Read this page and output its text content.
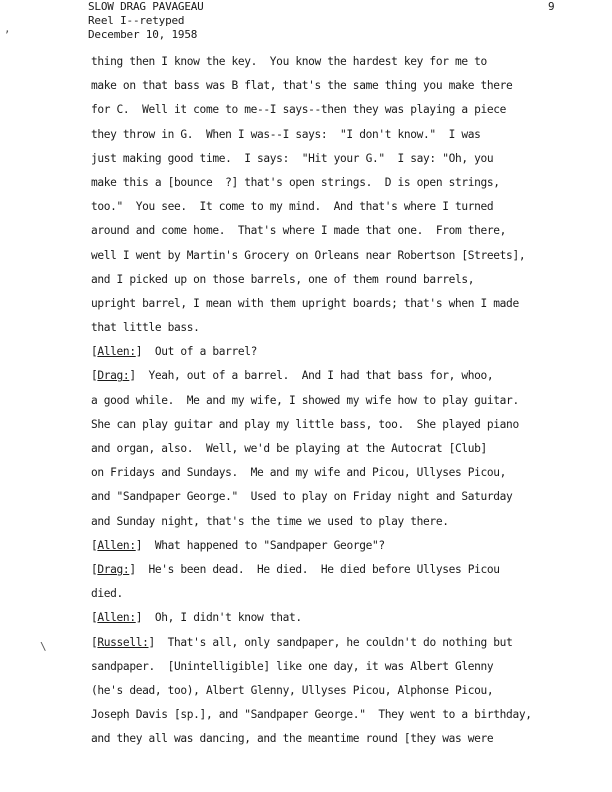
SLOW DRAG PAVAGEAU
Reel I--retyped
December 10, 1958
9
,
\
thing then I know the key.  You know the hardest key for me to
make on that bass was B flat, that's the same thing you make there
for C.  Well it come to me--I says--then they was playing a piece
they throw in G.  When I was--I says:  "I don't know."  I was
just making good time.  I says:  "Hit your G."  I say: "Oh, you
make this a [bounce  ?] that's open strings.  D is open strings,
too."  You see.  It come to my mind.  And that's where I turned
around and come home.  That's where I made that one.  From there,
well I went by Martin's Grocery on Orleans near Robertson [Streets],
and I picked up on those barrels, one of them round barrels,
upright barrel, I mean with them upright boards; that's when I made
that little bass.
[Allen:]  Out of a barrel?
[Drag:]  Yeah, out of a barrel.  And I had that bass for, whoo,
a good while.  Me and my wife, I showed my wife how to play guitar.
She can play guitar and play my little bass, too.  She played piano
and organ, also.  Well, we'd be playing at the Autocrat [Club]
on Fridays and Sundays.  Me and my wife and Picou, Ullyses Picou,
and "Sandpaper George."  Used to play on Friday night and Saturday
and Sunday night, that's the time we used to play there.
[Allen:]  What happened to "Sandpaper George"?
[Drag:]  He's been dead.  He died.  He died before Ullyses Picou
died.
[Allen:]  Oh, I didn't know that.
[Russell:]  That's all, only sandpaper, he couldn't do nothing but
sandpaper.  [Unintelligible] like one day, it was Albert Glenny
(he's dead, too), Albert Glenny, Ullyses Picou, Alphonse Picou,
Joseph Davis [sp.], and "Sandpaper George."  They went to a birthday,
and they all was dancing, and the meantime round [they was were
